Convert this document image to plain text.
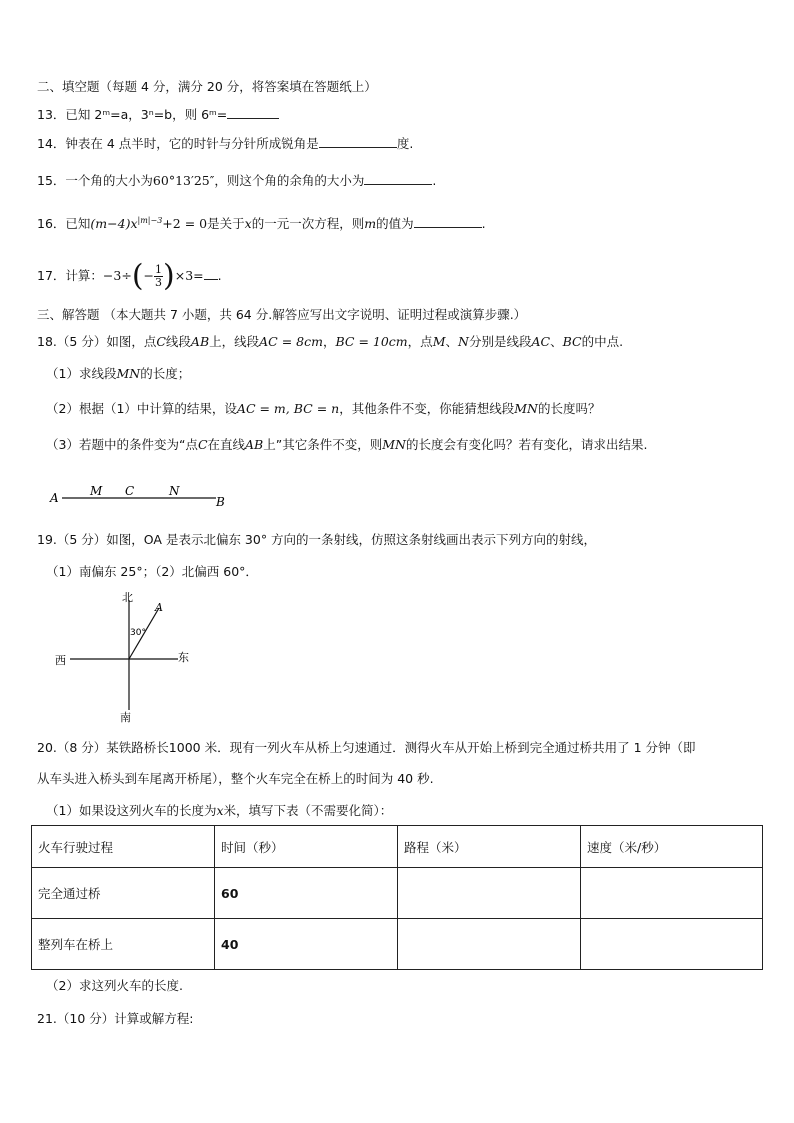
二、填空题（每题 4 分，满分 20 分，将答案填在答题纸上）
13．已知 2ᵐ=a，3ⁿ=b，则 6ᵐ=
14．钟表在 4 点半时，它的时针与分针所成锐角是	度.
15．一个角的大小为60°13′25″，则这个角的余角的大小为	.
16．已知$(m-4)x^{|m|-3}+2 = 0$是关于x的一元一次方程，则m的值为	.
17．计算：$-3\div(- \frac{1}{3} )\times 3=$ .
三、解答题 （本大题共 7 小题，共 64 分.解答应写出文字说明、证明过程或演算步骤.）
18.（5 分）如图，点C线段AB上，线段AC = 8cm，BC = 10cm，点M、N分别是线段AC、BC的中点.
（1）求线段MN的长度；
（2）根据（1）中计算的结果，设AC = m, BC = n，其他条件不变，你能猜想线段MN的长度吗？
（3）若题中的条件变为“点C在直线AB上”其它条件不变，则MN的长度会有变化吗？若有变化，请求出结果.
A	M C	N
B
19.（5 分）如图，OA 是表示北偏东 30° 方向的一条射线，仿照这条射线画出表示下列方向的射线，
（1）南偏东 25°；（2）北偏西 60°．
北
南
西	东
A
30°
20.（8 分）某铁路桥长1000 米．现有一列火车从桥上匀速通过．测得火车从开始上桥到完全通过桥共用了 1 分钟（即
从车头进入桥头到车尾离开桥尾），整个火车完全在桥上的时间为 40 秒.
（1）如果设这列火车的长度为x米，填写下表（不需要化简）：
火车行驶过程	时间（秒）	路程（米）	速度（米/秒）
完全通过桥	60		
整列车在桥上	40		
（2）求这列火车的长度.
21.（10 分）计算或解方程:
